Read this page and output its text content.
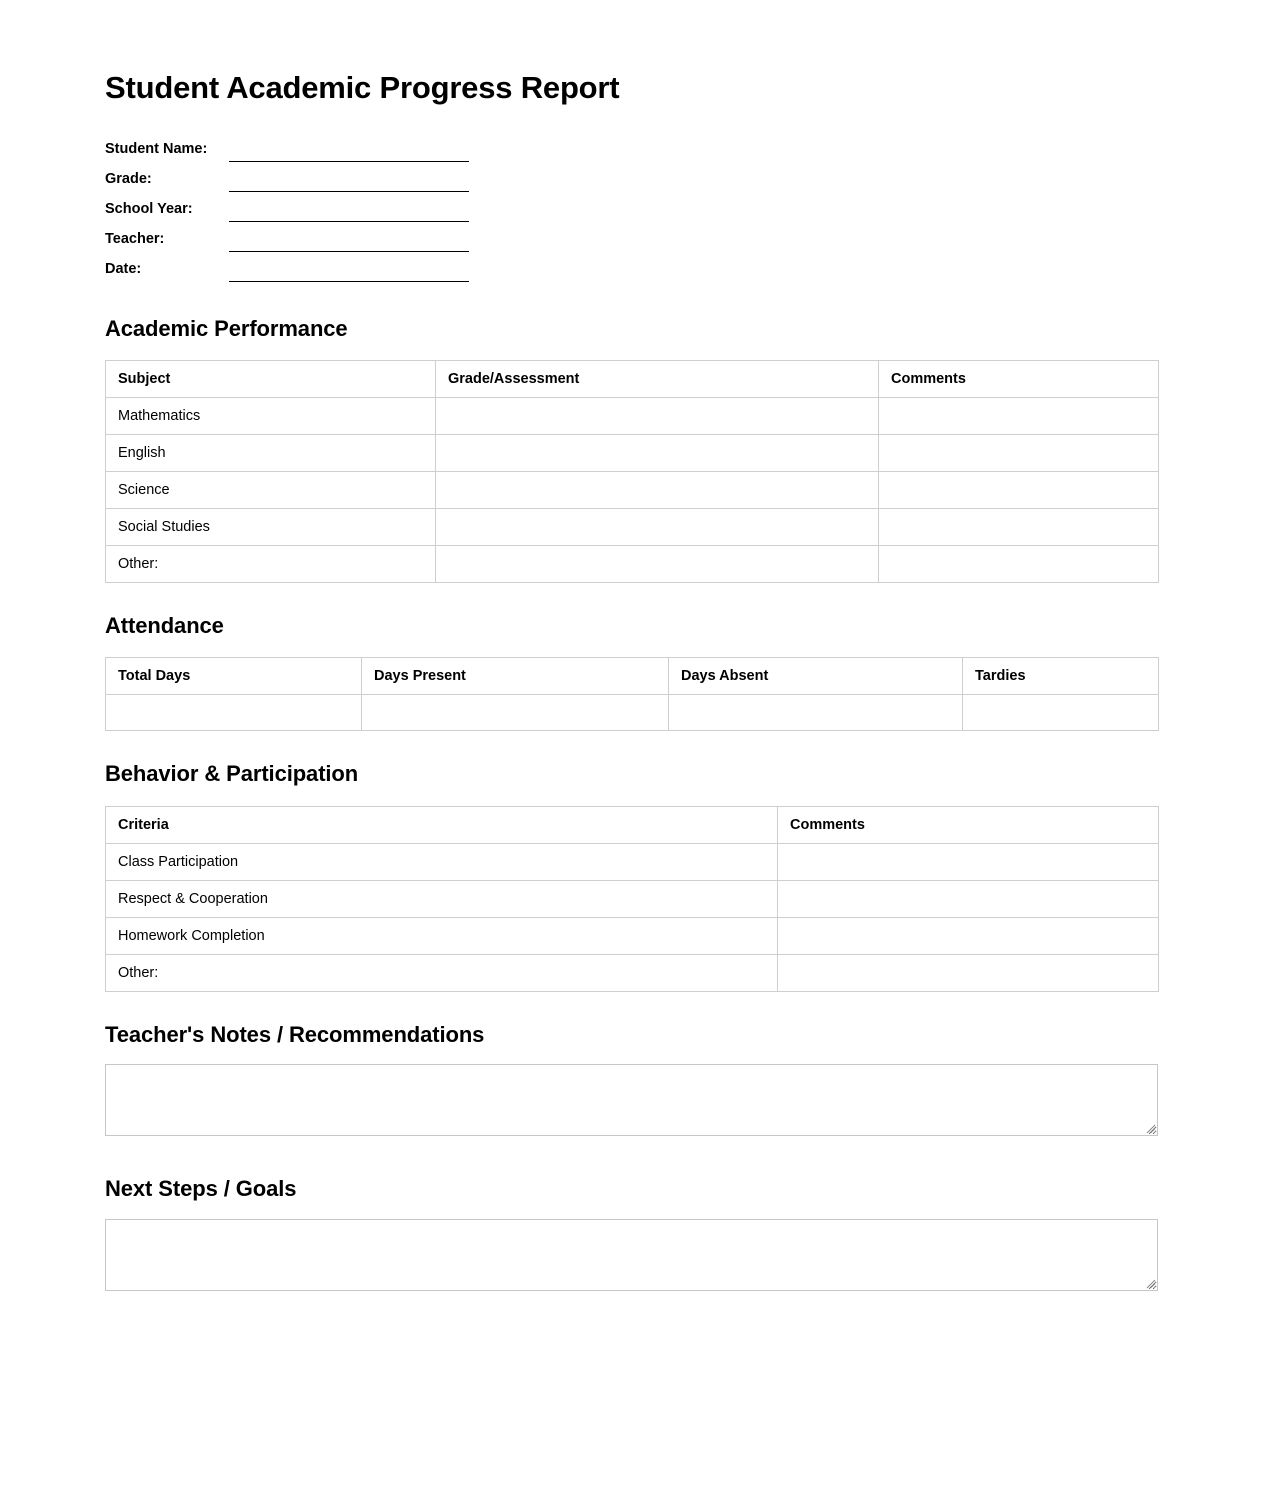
Student Academic Progress Report
Student Name:
Grade:
School Year:
Teacher:
Date:
Academic Performance
Subject	Grade/Assessment	Comments
Mathematics		
English		
Science		
Social Studies		
Other:		
Attendance
Total Days	Days Present	Days Absent	Tardies

Behavior & Participation
Criteria	Comments
Class Participation	
Respect & Cooperation	
Homework Completion	
Other:	
Teacher's Notes / Recommendations
Next Steps / Goals
